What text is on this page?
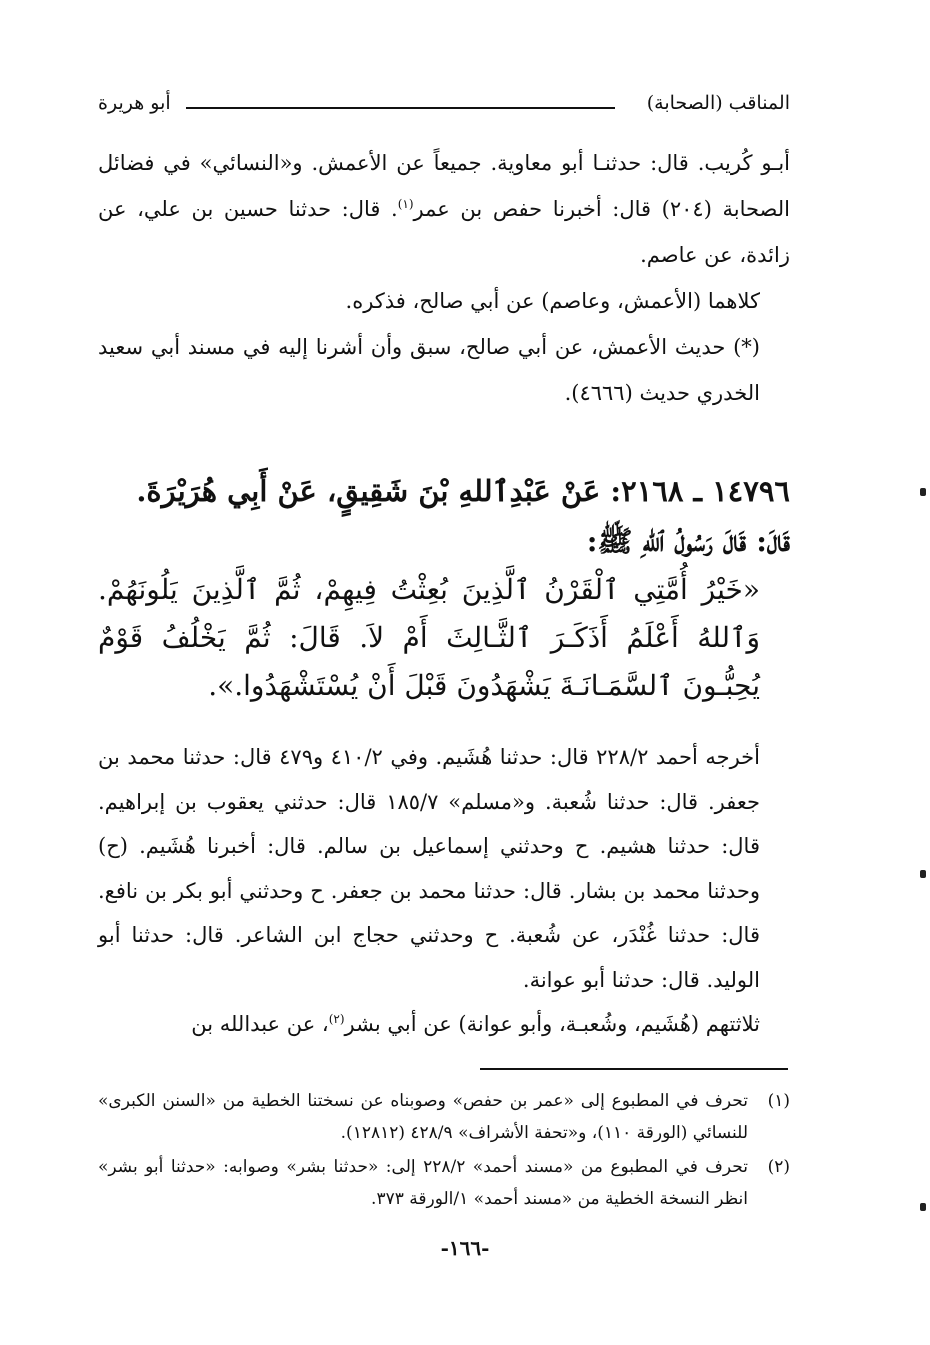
المناقب (الصحابة)
أبو هريرة

أبـو كُريب. قال: حدثنـا أبو معاوية. جميعاً عن الأعمش. و«النسائي» في فضائل الصحابة (٢٠٤) قال: أخبرنا حفص بن عمر$^{(١)}$. قال: حدثنا حسين بن علي، عن زائدة، عن عاصم.

كلاهما (الأعمش، وعاصم) عن أبي صالح، فذكره.

(*) حديث الأعمش، عن أبي صالح، سبق وأن أشرنا إليه في مسند أبي سعيد الخدري حديث (٤٦٦٦).

١٤٧٩٦ ـ ٢١٦٨: عَنْ عَبْدِٱللهِ بْنَ شَقِيقٍ، عَنْ أَبِي هُرَيْرَةَ.

قَالَ: قَالَ رَسُولُ ٱللهِ ﷺ:

«خَيْرُ أُمَّتِي ٱلْقَرْنُ ٱلَّذِينَ بُعِثْتُ فِيهِمْ، ثُمَّ ٱلَّذِينَ يَلُونَهُمْ. وَٱللهُ أَعْلَمُ أَذَكَـرَ ٱلثَّـالِثَ أَمْ لاَ. قَالَ: ثُمَّ يَخْلُفُ قَوْمٌ يُحِبُّـونَ ٱلسَّمَـانَـةَ يَشْهَدُونَ قَبْلَ أَنْ يُسْتَشْهَدُوا.».

أخرجه أحمد ٢٢٨/٢ قال: حدثنا هُشَيم. وفي ٤١٠/٢ و٤٧٩ قال: حدثنا محمد بن جعفر. قال: حدثنا شُعبة. و«مسلم» ١٨٥/٧ قال: حدثني يعقوب بن إبراهيم. قال: حدثنا هشيم. ح وحدثني إسماعيل بن سالم. قال: أخبرنا هُشَيم. (ح) وحدثنا محمد بن بشار. قال: حدثنا محمد بن جعفر. ح وحدثني أبو بكر بن نافع. قال: حدثنا غُنْدَر، عن شُعبة. ح وحدثني حجاج ابن الشاعر. قال: حدثنا أبو الوليد. قال: حدثنا أبو عوانة.

ثلاثتهم (هُشَيم، وشُعبـة، وأبو عوانة) عن أبي بشر$^{(٢)}$، عن عبدالله بن

(١)
تحرف في المطبوع إلى «عمر بن حفص» وصوبناه عن نسختنا الخطية من «السنن الكبرى» للنسائي (الورقة ١١٠)، و«تحفة الأشراف» ٤٢٨/٩ (١٢٨١٢).
(٢)
تحرف في المطبوع من «مسند أحمد» ٢٢٨/٢ إلى: «حدثنا بشر» وصوابه: «حدثنا أبو بشر» انظر النسخة الخطية من «مسند أحمد» ١/الورقة ٣٧٣.
-١٦٦-
